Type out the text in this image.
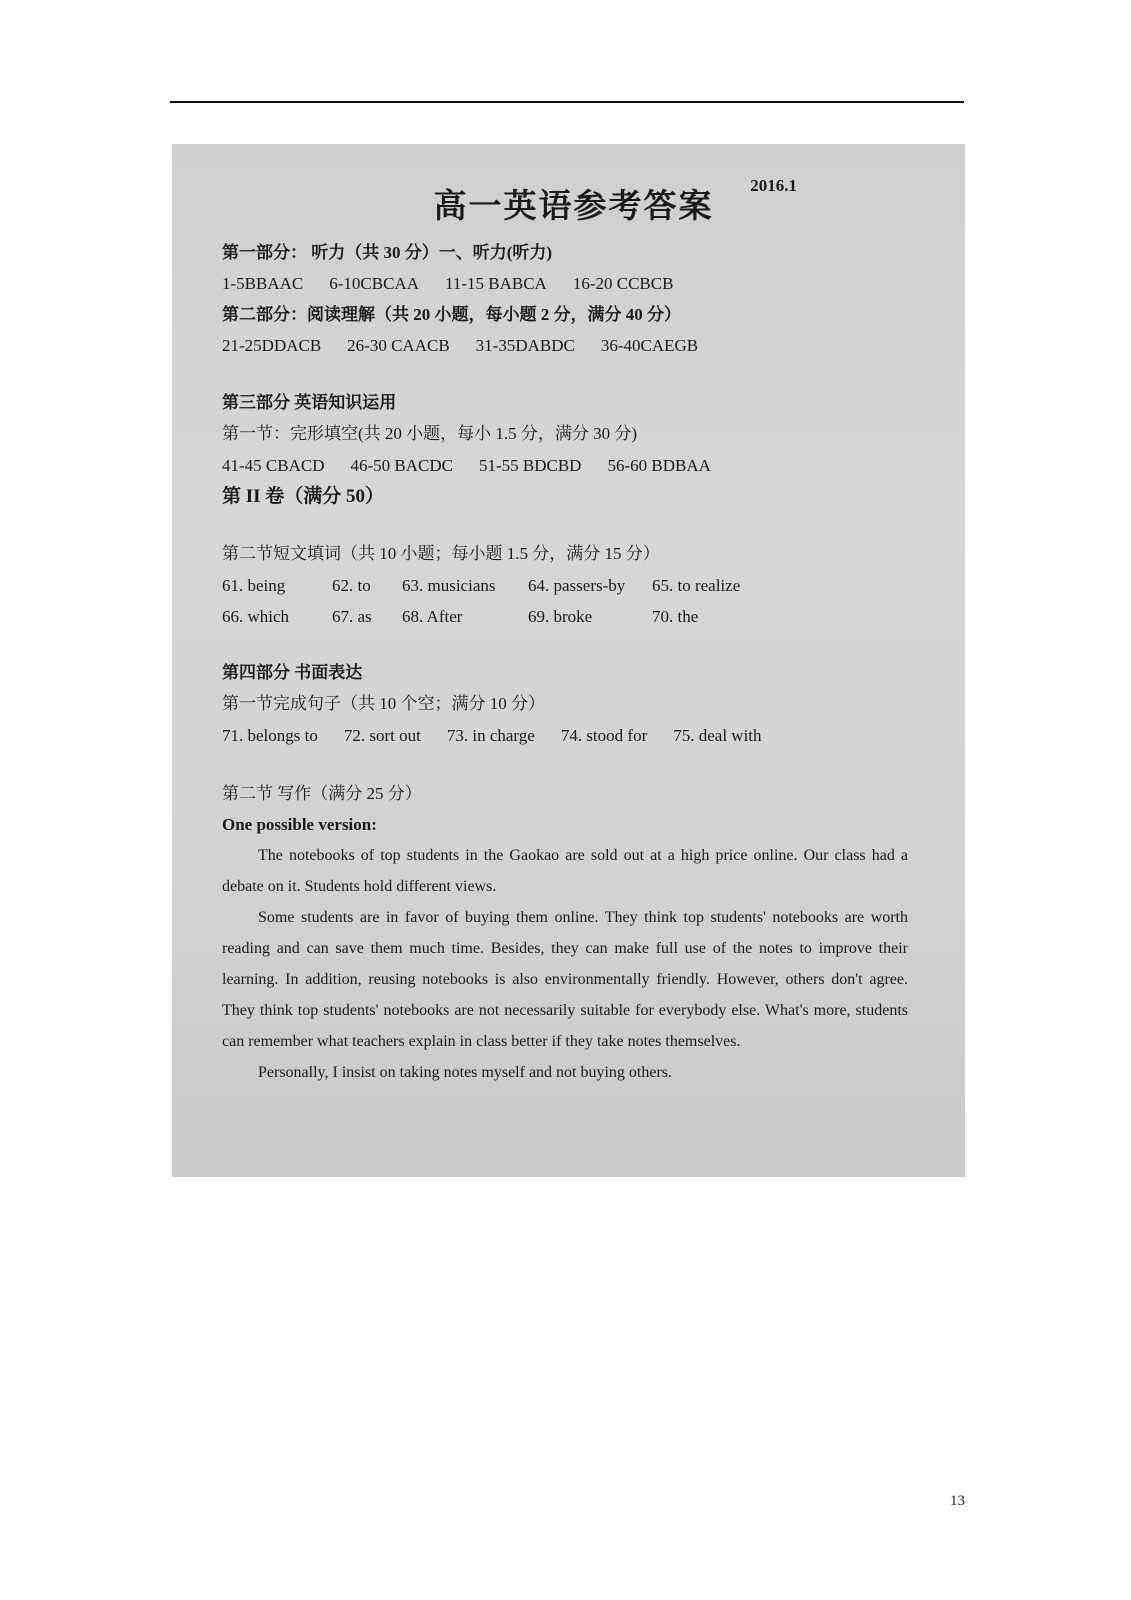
高一英语参考答案
2016.1

第一部分： 听力（共 30 分）一、听力(听力)

1-5BBAAC 6-10CBCAA 11-15 BABCA 16-20 CCBCB

第二部分：阅读理解（共 20 小题，每小题 2 分，满分 40 分）

21-25DDACB 26-30 CAACB 31-35DABDC 36-40CAEGB

第三部分 英语知识运用

第一节：完形填空(共 20 小题，每小 1.5 分，满分 30 分)

41-45 CBACD 46-50 BACDC 51-55 BDCBD 56-60 BDBAA

第 II 卷（满分 50）

第二节短文填词（共 10 小题；每小题 1.5 分，满分 15 分）

61. being	62. to 63. musicians 64. passers-by 65. to realize
66. which	67. as 68. After	69. broke	70. the

第四部分 书面表达

第一节完成句子（共 10 个空；满分 10 分）

71. belongs to 72. sort out 73. in charge 74. stood for 75. deal with

第二节 写作（满分 25 分）

One possible version:

The notebooks of top students in the Gaokao are sold out at a high price online. Our class had a debate on it. Students hold different views.

Some students are in favor of buying them online. They think top students' notebooks are worth reading and can save them much time. Besides, they can make full use of the notes to improve their learning. In addition, reusing notebooks is also environmentally friendly. However, others don't agree. They think top students' notebooks are not necessarily suitable for everybody else. What's more, students can remember what teachers explain in class better if they take notes themselves.

Personally, I insist on taking notes myself and not buying others.

13
